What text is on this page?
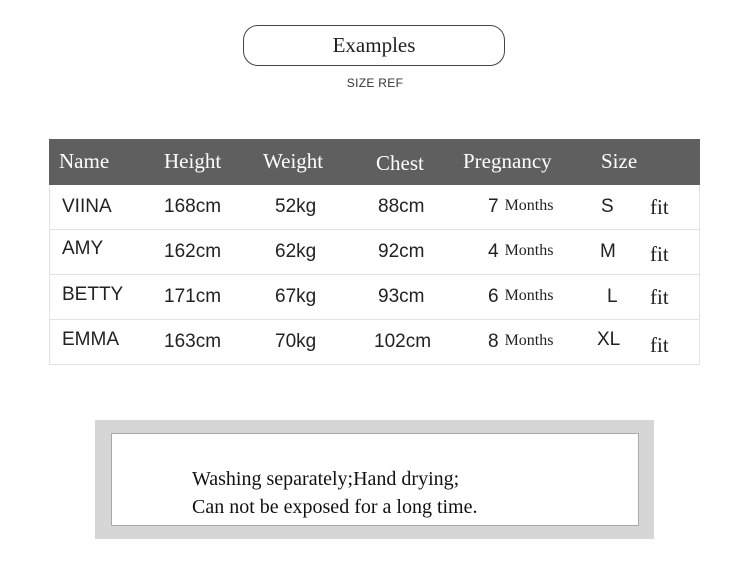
Examples
SIZE REF
Name	Height Weight	Chest Pregnancy Size
VIINA	168cm	52kg	88cm	7 Months	S fit
AMY	162cm	62kg	92cm	4 Months M fit
BETTY 171cm	67kg	93cm	6 Months	L fit
EMMA 163cm	70kg	102cm	8 Months XL fit
Washing separately;Hand drying;
Can not be exposed for a long time.
